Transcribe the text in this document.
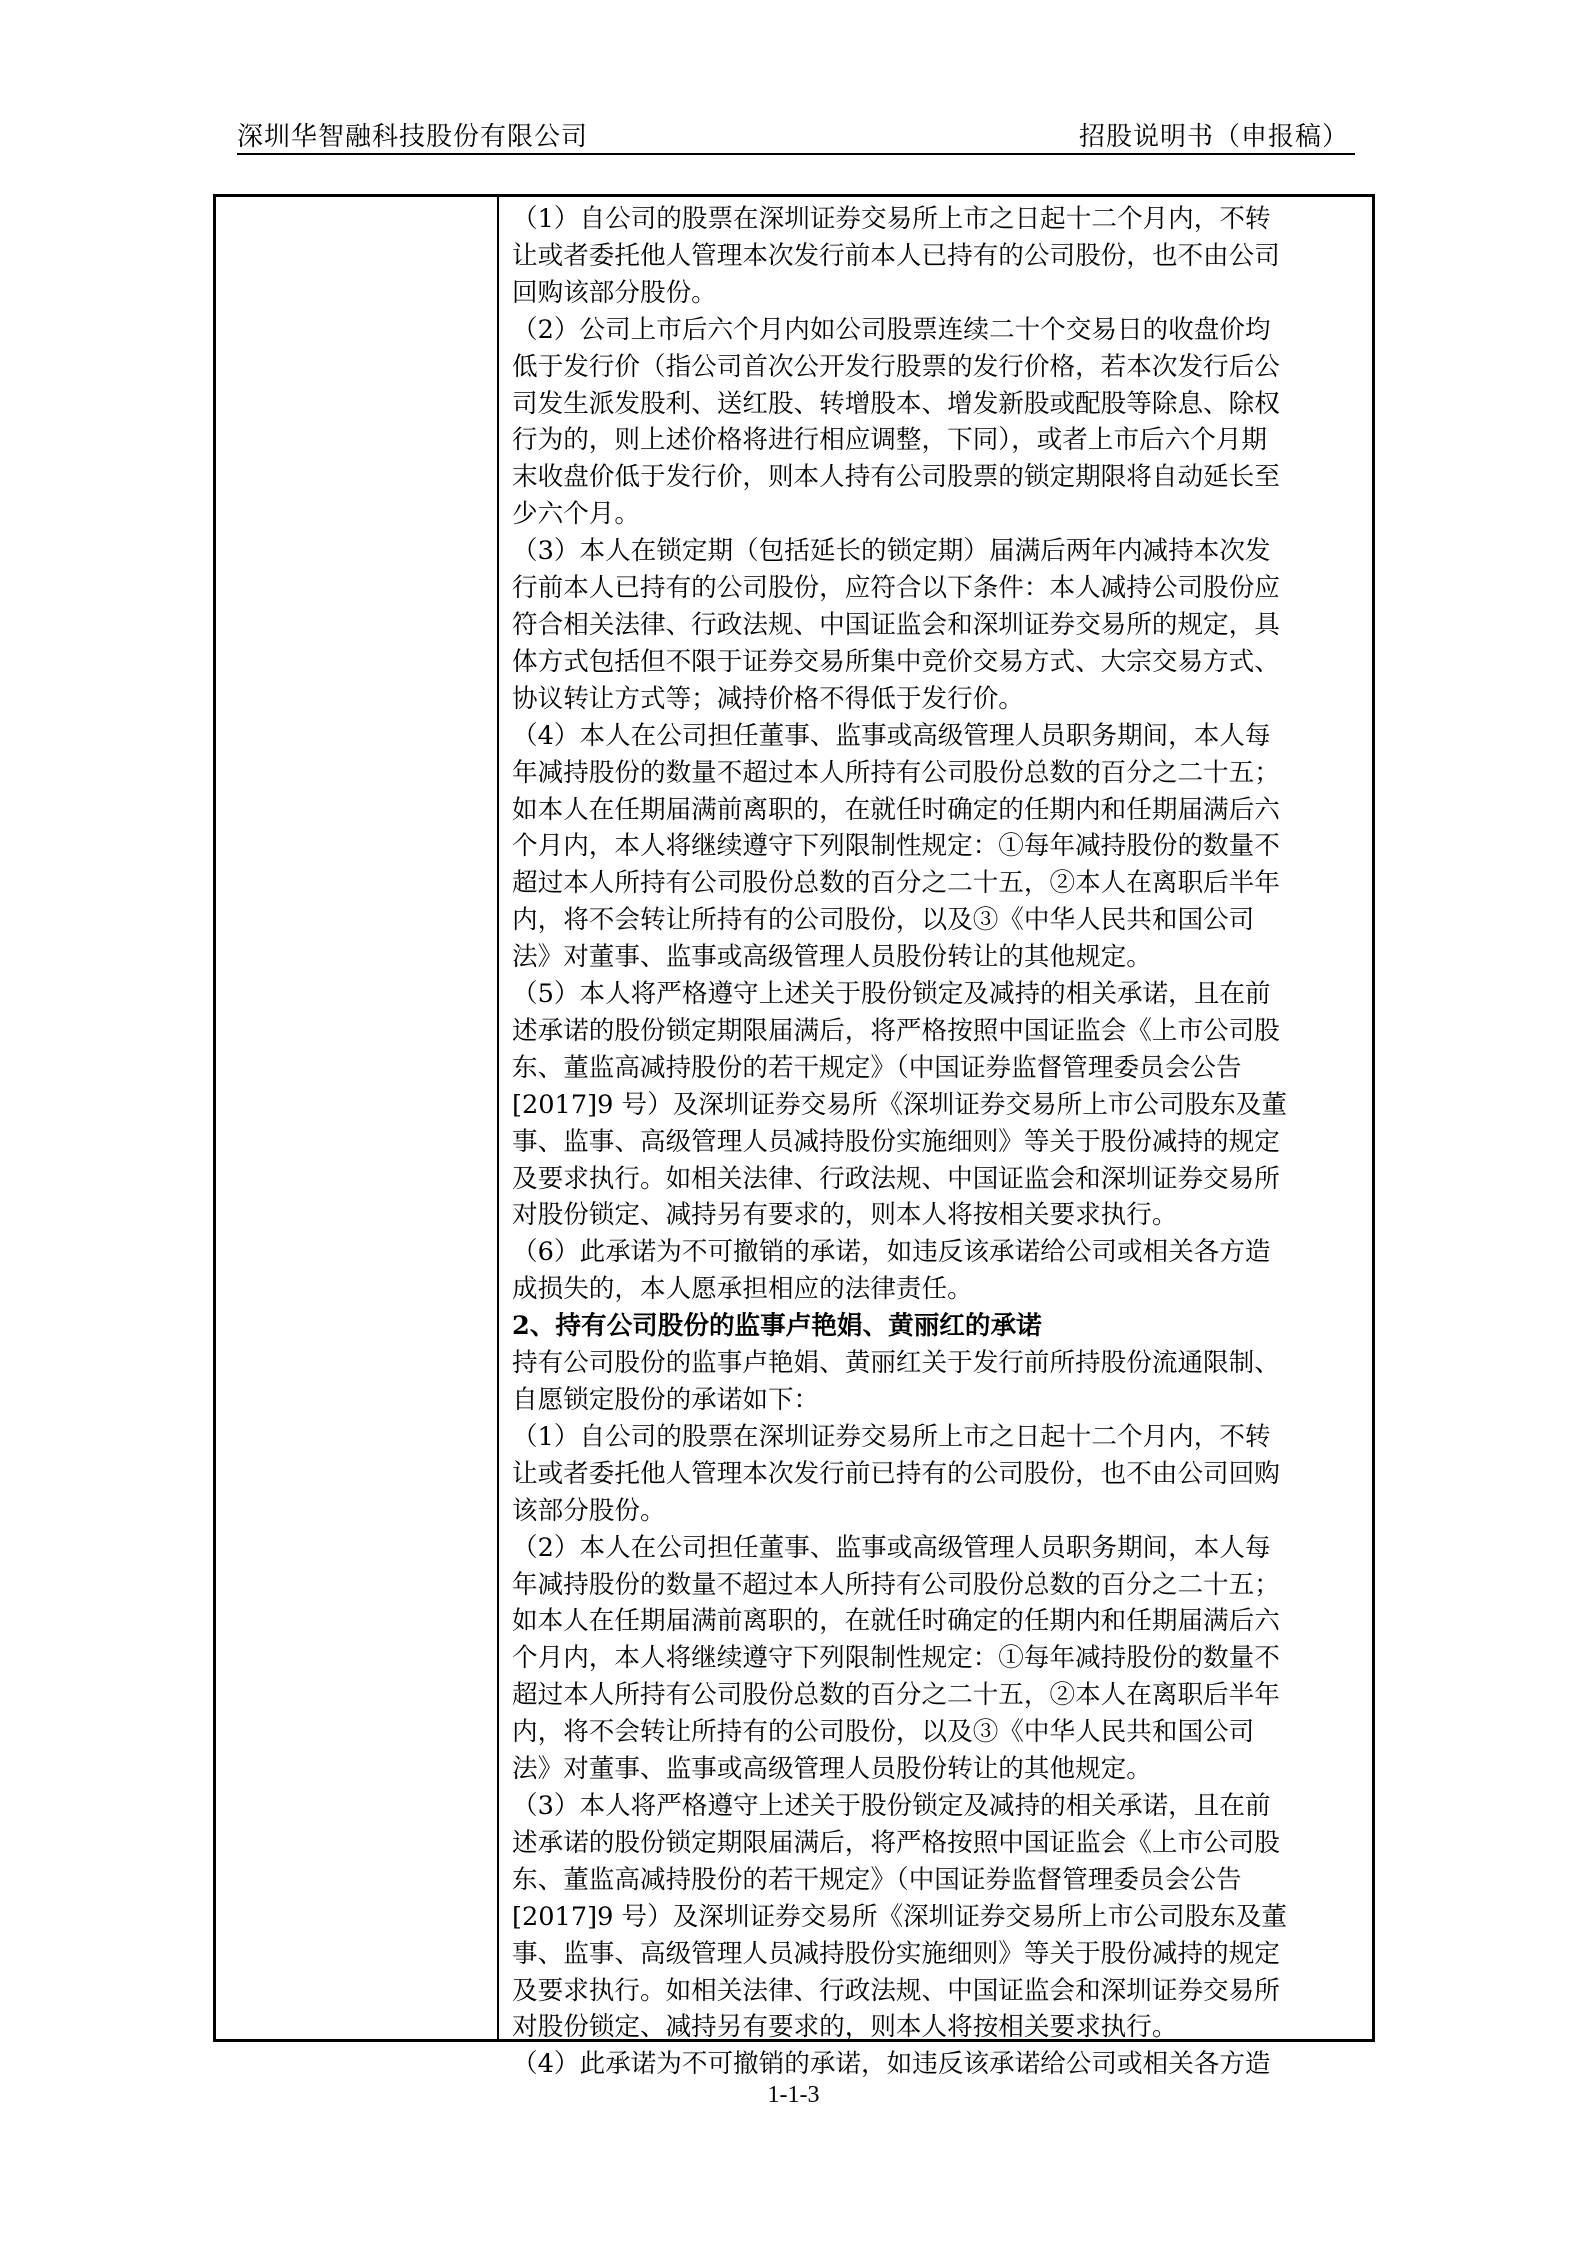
深圳华智融科技股份有限公司	招股说明书（申报稿）

（1）自公司的股票在深圳证券交易所上市之日起十二个月内，不转

让或者委托他人管理本次发行前本人已持有的公司股份，也不由公司

回购该部分股份。

（2）公司上市后六个月内如公司股票连续二十个交易日的收盘价均

低于发行价（指公司首次公开发行股票的发行价格，若本次发行后公

司发生派发股利、送红股、转增股本、增发新股或配股等除息、除权

行为的，则上述价格将进行相应调整，下同），或者上市后六个月期

末收盘价低于发行价，则本人持有公司股票的锁定期限将自动延长至

少六个月。

（3）本人在锁定期（包括延长的锁定期）届满后两年内减持本次发

行前本人已持有的公司股份，应符合以下条件：本人减持公司股份应

符合相关法律、行政法规、中国证监会和深圳证券交易所的规定，具

体方式包括但不限于证券交易所集中竞价交易方式、大宗交易方式、

协议转让方式等；减持价格不得低于发行价。

（4）本人在公司担任董事、监事或高级管理人员职务期间，本人每

年减持股份的数量不超过本人所持有公司股份总数的百分之二十五；

如本人在任期届满前离职的，在就任时确定的任期内和任期届满后六

个月内，本人将继续遵守下列限制性规定：①每年减持股份的数量不

超过本人所持有公司股份总数的百分之二十五，②本人在离职后半年

内，将不会转让所持有的公司股份，以及③《中华人民共和国公司

法》对董事、监事或高级管理人员股份转让的其他规定。

（5）本人将严格遵守上述关于股份锁定及减持的相关承诺，且在前

述承诺的股份锁定期限届满后，将严格按照中国证监会《上市公司股

东、董监高减持股份的若干规定》（中国证券监督管理委员会公告

[2017]9 号）及深圳证券交易所《深圳证券交易所上市公司股东及董

事、监事、高级管理人员减持股份实施细则》等关于股份减持的规定

及要求执行。如相关法律、行政法规、中国证监会和深圳证券交易所

对股份锁定、减持另有要求的，则本人将按相关要求执行。

（6）此承诺为不可撤销的承诺，如违反该承诺给公司或相关各方造

成损失的，本人愿承担相应的法律责任。

2、持有公司股份的监事卢艳娟、黄丽红的承诺

持有公司股份的监事卢艳娟、黄丽红关于发行前所持股份流通限制、

自愿锁定股份的承诺如下：

（1）自公司的股票在深圳证券交易所上市之日起十二个月内，不转

让或者委托他人管理本次发行前已持有的公司股份，也不由公司回购

该部分股份。

（2）本人在公司担任董事、监事或高级管理人员职务期间，本人每

年减持股份的数量不超过本人所持有公司股份总数的百分之二十五；

如本人在任期届满前离职的，在就任时确定的任期内和任期届满后六

个月内，本人将继续遵守下列限制性规定：①每年减持股份的数量不

超过本人所持有公司股份总数的百分之二十五，②本人在离职后半年

内，将不会转让所持有的公司股份，以及③《中华人民共和国公司

法》对董事、监事或高级管理人员股份转让的其他规定。

（3）本人将严格遵守上述关于股份锁定及减持的相关承诺，且在前

述承诺的股份锁定期限届满后，将严格按照中国证监会《上市公司股

东、董监高减持股份的若干规定》（中国证券监督管理委员会公告

[2017]9 号）及深圳证券交易所《深圳证券交易所上市公司股东及董

事、监事、高级管理人员减持股份实施细则》等关于股份减持的规定

及要求执行。如相关法律、行政法规、中国证监会和深圳证券交易所

对股份锁定、减持另有要求的，则本人将按相关要求执行。

（4）此承诺为不可撤销的承诺，如违反该承诺给公司或相关各方造

1-1-3
